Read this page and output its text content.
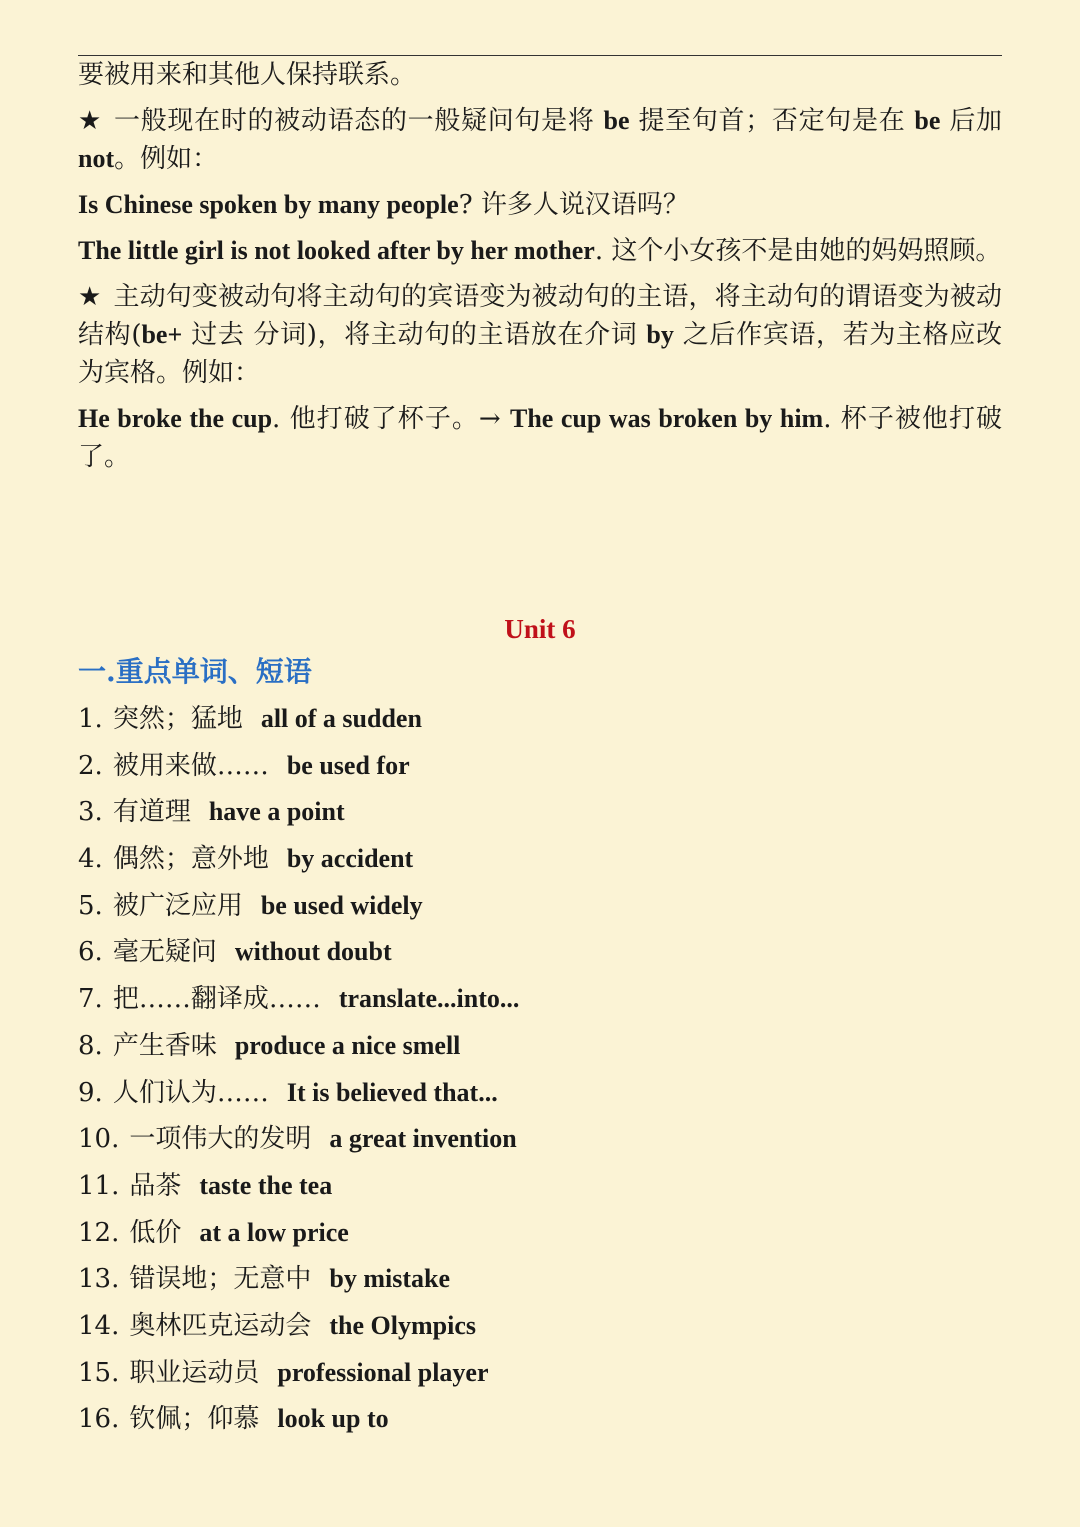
要被用来和其他人保持联系。

★ 一般现在时的被动语态的一般疑问句是将 be 提至句首；否定句是在 be 后加 not。例如：

Is Chinese spoken by many people? 许多人说汉语吗？

The little girl is not looked after by her mother. 这个小女孩不是由她的妈妈照顾。

★ 主动句变被动句将主动句的宾语变为被动句的主语，将主动句的谓语变为被动结构(be+ 过去 分词)，将主动句的主语放在介词 by 之后作宾语，若为主格应改为宾格。例如：

He broke the cup. 他打破了杯子。→ The cup was broken by him. 杯子被他打破了。

Unit 6
一.重点单词、短语
1. 突然；猛地 all of a sudden
2. 被用来做…… be used for
3. 有道理 have a point
4. 偶然；意外地 by accident
5. 被广泛应用 be used widely
6. 毫无疑问 without doubt
7. 把……翻译成…… translate...into...
8. 产生香味 produce a nice smell
9. 人们认为…… It is believed that...
10. 一项伟大的发明 a great invention
11. 品茶 taste the tea
12. 低价 at a low price
13. 错误地；无意中 by mistake
14. 奥林匹克运动会 the Olympics
15. 职业运动员 professional player
16. 钦佩；仰慕 look up to
